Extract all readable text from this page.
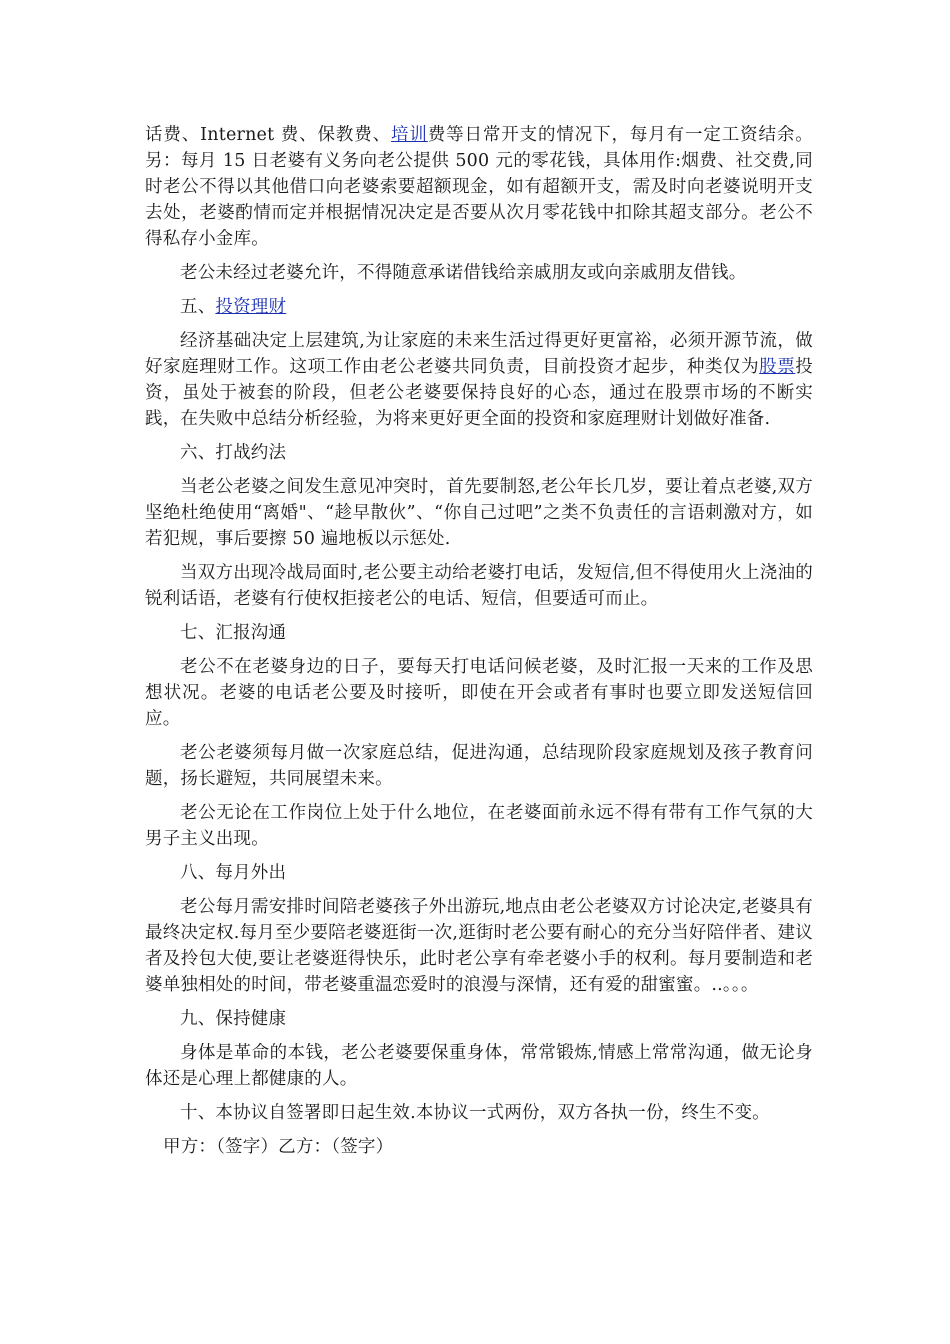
话费、Internet 费、保教费、培训费等日常开支的情况下，每月有一定工资结余。另：每月 15 日老婆有义务向老公提供 500 元的零花钱，具体用作:烟费、社交费,同时老公不得以其他借口向老婆索要超额现金，如有超额开支，需及时向老婆说明开支去处，老婆酌情而定并根据情况决定是否要从次月零花钱中扣除其超支部分。老公不得私存小金库。

老公未经过老婆允许，不得随意承诺借钱给亲戚朋友或向亲戚朋友借钱。

五、投资理财

经济基础决定上层建筑,为让家庭的未来生活过得更好更富裕，必须开源节流，做好家庭理财工作。这项工作由老公老婆共同负责，目前投资才起步，种类仅为股票投资，虽处于被套的阶段，但老公老婆要保持良好的心态，通过在股票市场的不断实践，在失败中总结分析经验，为将来更好更全面的投资和家庭理财计划做好准备.

六、打战约法

当老公老婆之间发生意见冲突时，首先要制怒,老公年长几岁，要让着点老婆,双方坚绝杜绝使用“离婚"、“趁早散伙”、“你自己过吧”之类不负责任的言语刺激对方，如若犯规，事后要擦 50 遍地板以示惩处.

当双方出现冷战局面时,老公要主动给老婆打电话，发短信,但不得使用火上浇油的锐利话语，老婆有行使权拒接老公的电话、短信，但要适可而止。

七、汇报沟通

老公不在老婆身边的日子，要每天打电话问候老婆，及时汇报一天来的工作及思想状况。老婆的电话老公要及时接听，即使在开会或者有事时也要立即发送短信回应。

老公老婆须每月做一次家庭总结，促进沟通，总结现阶段家庭规划及孩子教育问题，扬长避短，共同展望未来。

老公无论在工作岗位上处于什么地位，在老婆面前永远不得有带有工作气氛的大男子主义出现。

八、每月外出

老公每月需安排时间陪老婆孩子外出游玩,地点由老公老婆双方讨论决定,老婆具有最终决定权.每月至少要陪老婆逛街一次,逛街时老公要有耐心的充分当好陪伴者、建议者及拎包大使,要让老婆逛得快乐，此时老公享有牵老婆小手的权利。每月要制造和老婆单独相处的时间，带老婆重温恋爱时的浪漫与深情，还有爱的甜蜜蜜。..。。。

九、保持健康

身体是革命的本钱，老公老婆要保重身体，常常锻炼,情感上常常沟通，做无论身体还是心理上都健康的人。

十、本协议自签署即日起生效.本协议一式两份，双方各执一份，终生不变。

甲方：（签字）乙方：（签字）
